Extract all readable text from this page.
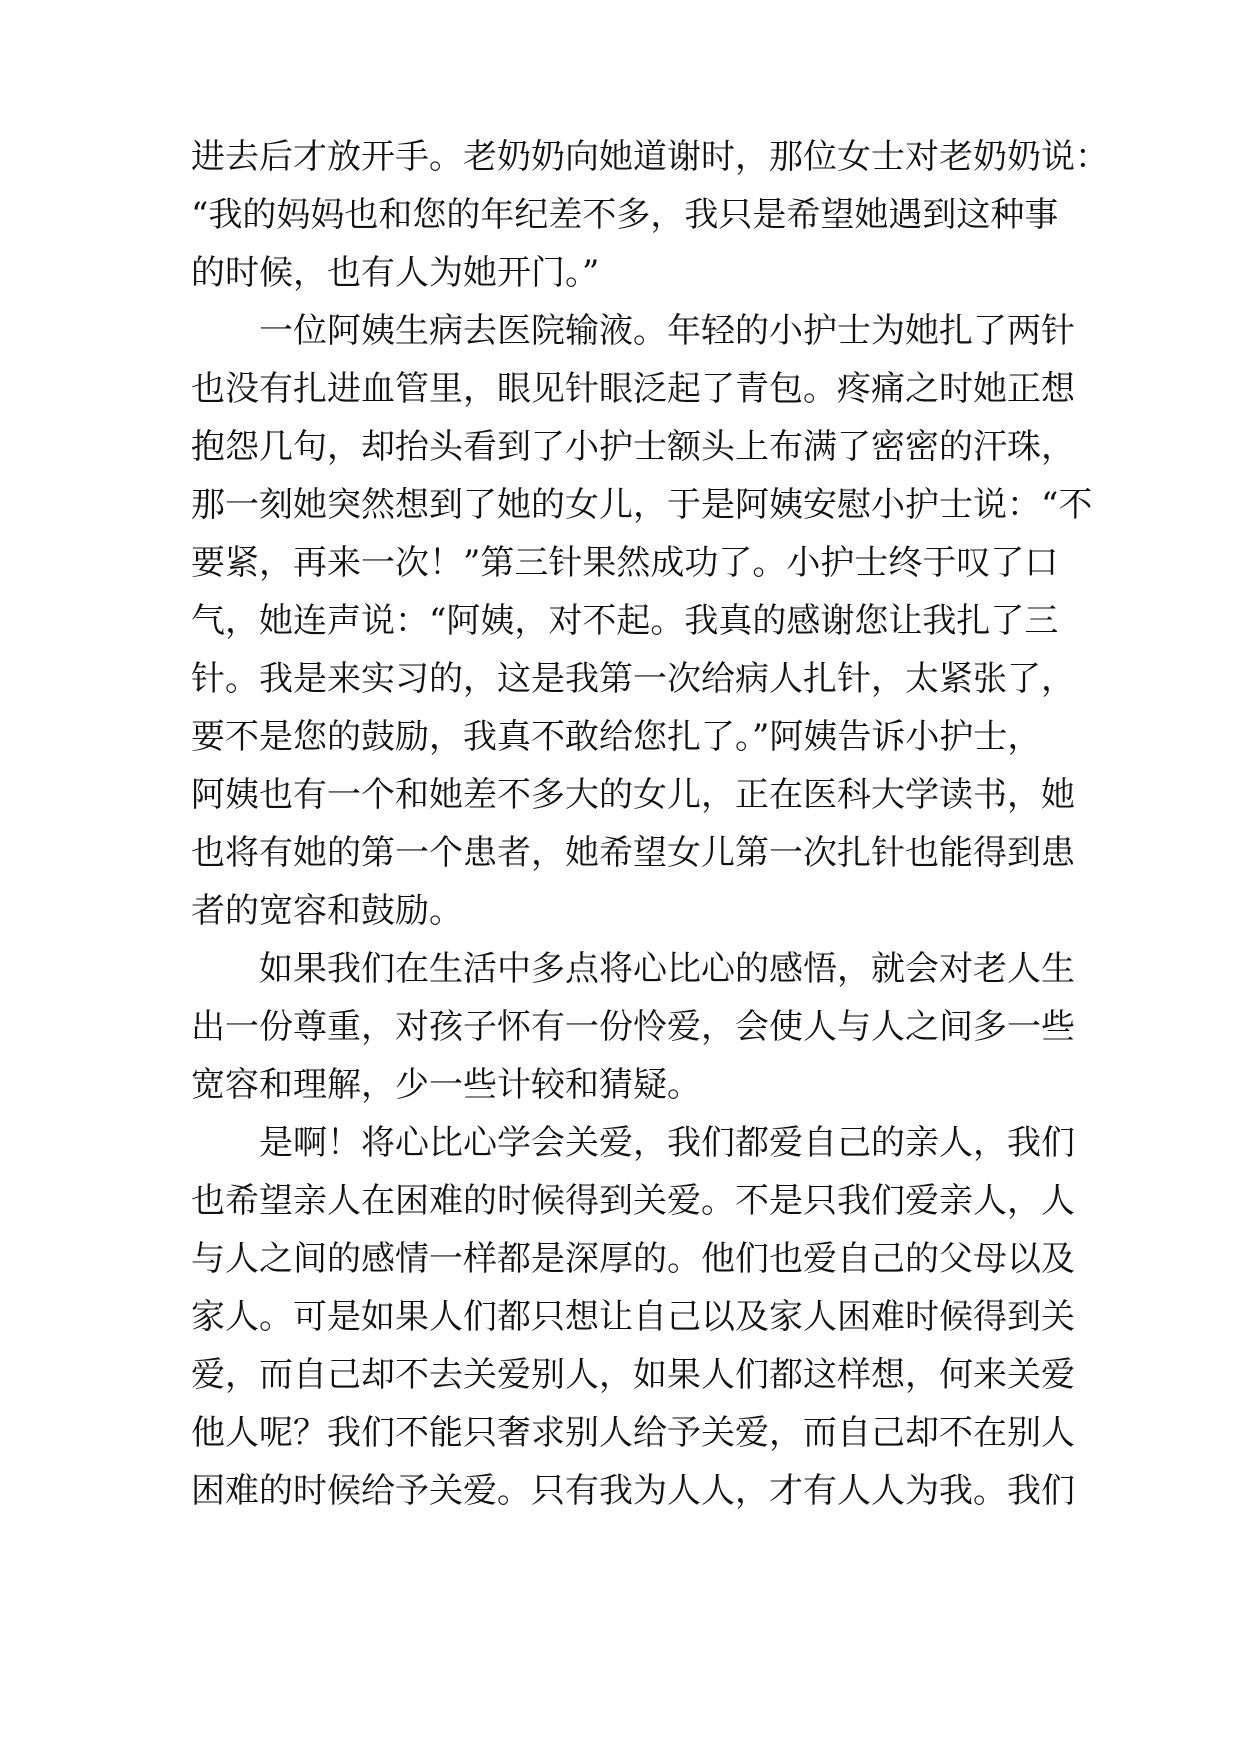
进去后才放开手。老奶奶向她道谢时，那位女士对老奶奶说：
“我的妈妈也和您的年纪差不多，我只是希望她遇到这种事
的时候，也有人为她开门。”
一位阿姨生病去医院输液。年轻的小护士为她扎了两针
也没有扎进血管里，眼见针眼泛起了青包。疼痛之时她正想
抱怨几句，却抬头看到了小护士额头上布满了密密的汗珠，
那一刻她突然想到了她的女儿，于是阿姨安慰小护士说：“不
要紧，再来一次！”第三针果然成功了。小护士终于叹了口
气，她连声说：“阿姨，对不起。我真的感谢您让我扎了三
针。我是来实习的，这是我第一次给病人扎针，太紧张了，
要不是您的鼓励，我真不敢给您扎了。”阿姨告诉小护士，
阿姨也有一个和她差不多大的女儿，正在医科大学读书，她
也将有她的第一个患者，她希望女儿第一次扎针也能得到患
者的宽容和鼓励。
如果我们在生活中多点将心比心的感悟，就会对老人生
出一份尊重，对孩子怀有一份怜爱，会使人与人之间多一些
宽容和理解，少一些计较和猜疑。
是啊！将心比心学会关爱，我们都爱自己的亲人，我们
也希望亲人在困难的时候得到关爱。不是只我们爱亲人，人
与人之间的感情一样都是深厚的。他们也爱自己的父母以及
家人。可是如果人们都只想让自己以及家人困难时候得到关
爱，而自己却不去关爱别人，如果人们都这样想，何来关爱
他人呢？我们不能只奢求别人给予关爱，而自己却不在别人
困难的时候给予关爱。只有我为人人，才有人人为我。我们
